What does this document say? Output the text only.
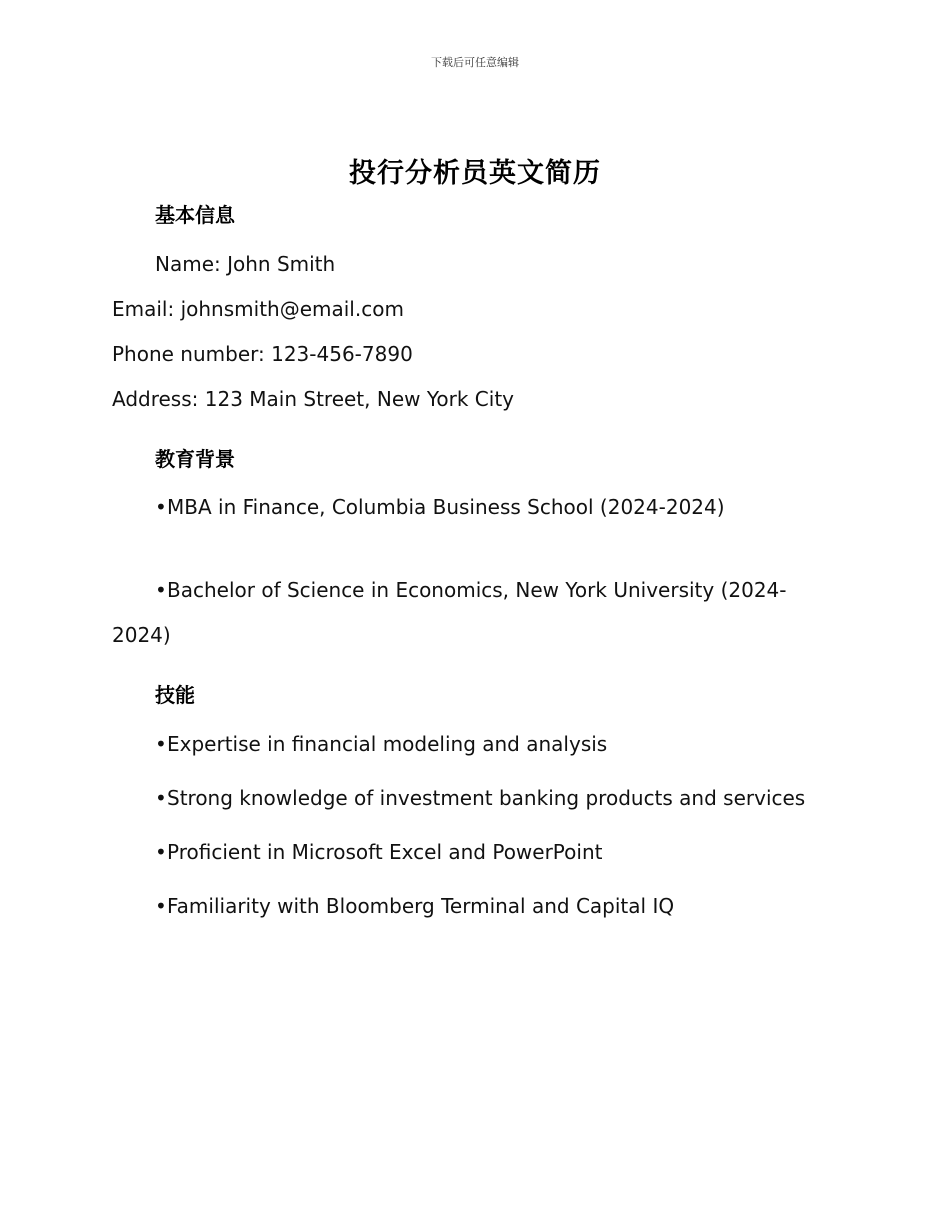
下载后可任意编辑
投行分析员英文简历
基本信息
Name: John Smith
Email: johnsmith@email.com
Phone number: 123-456-7890
Address: 123 Main Street, New York City
教育背景
•MBA in Finance, Columbia Business School (2024-2024)
•Bachelor of Science in Economics, New York University (2024-
2024)
技能
•Expertise in financial modeling and analysis
•Strong knowledge of investment banking products and services
•Proficient in Microsoft Excel and PowerPoint
•Familiarity with Bloomberg Terminal and Capital IQ
